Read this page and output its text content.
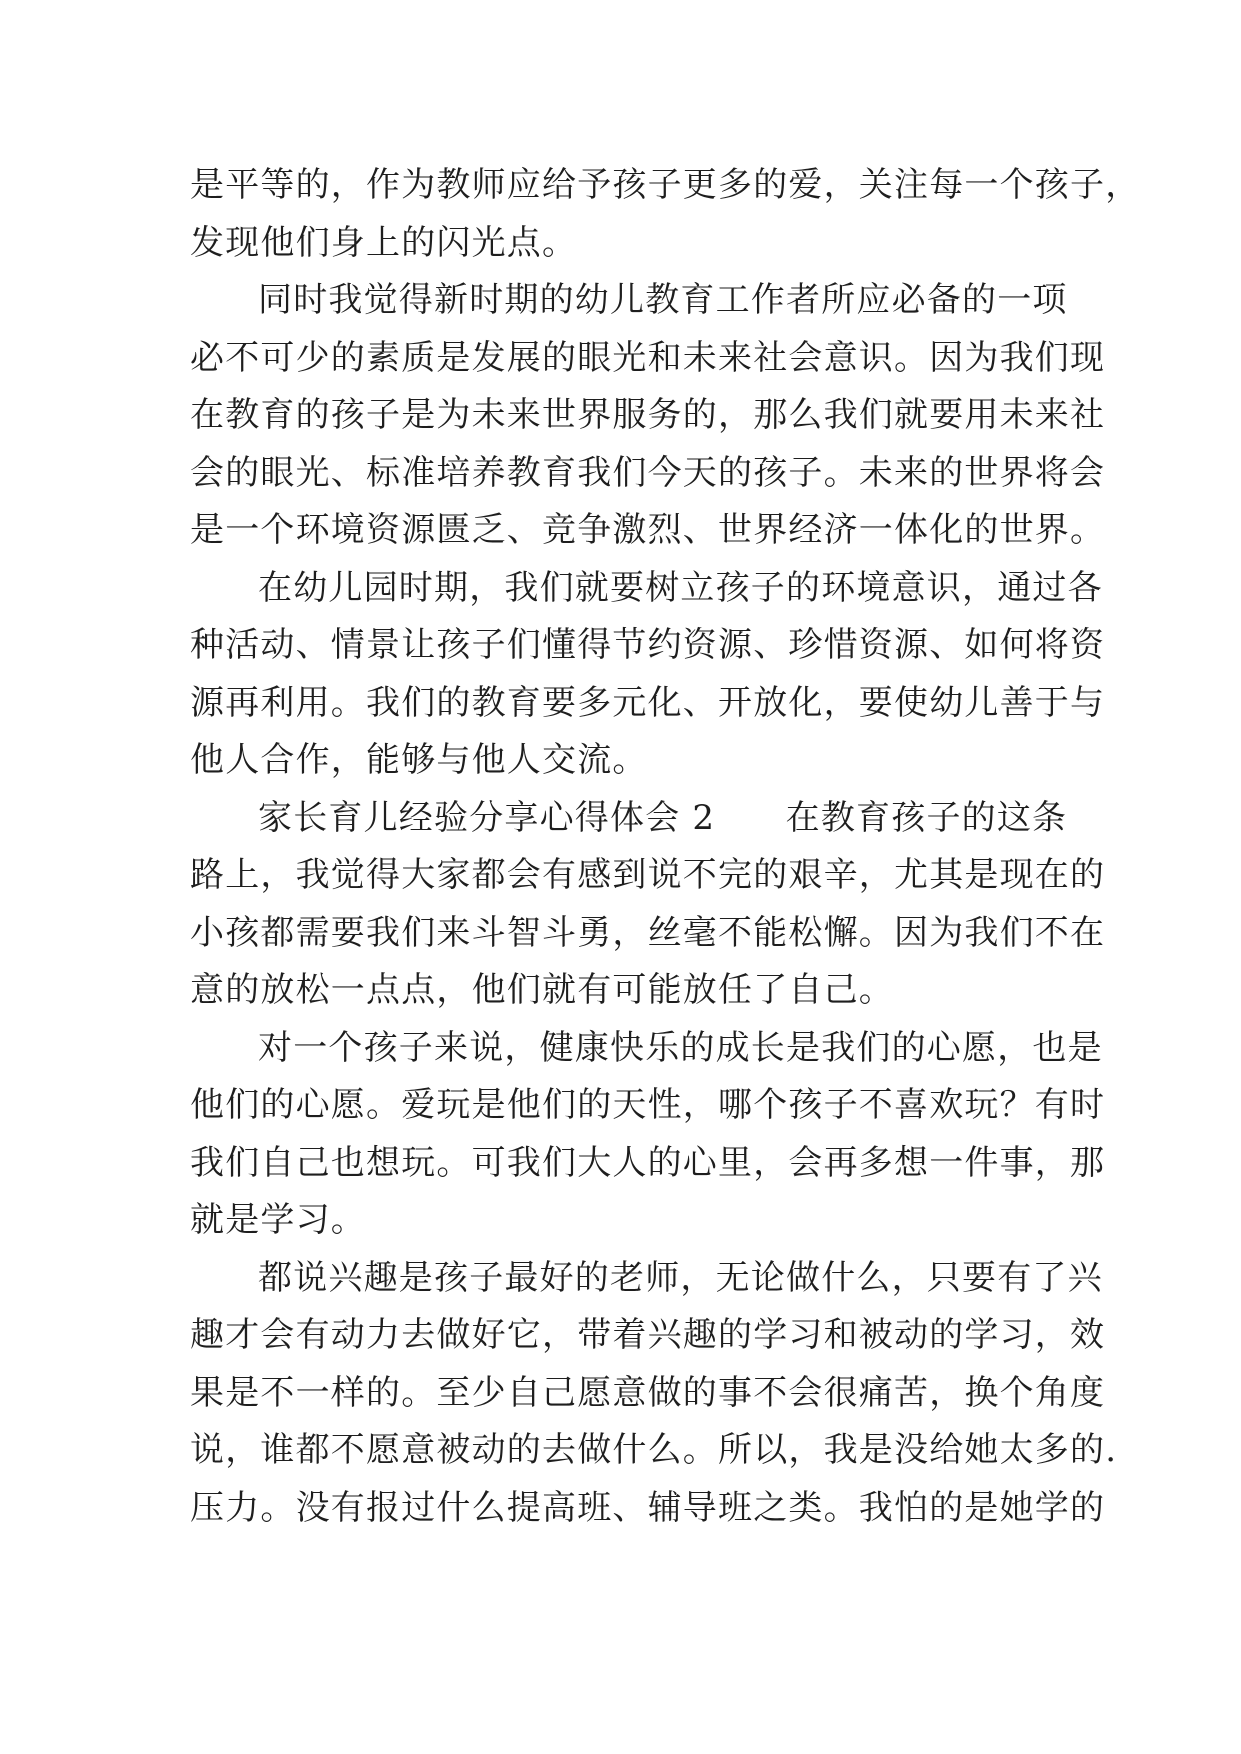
是平等的，作为教师应给予孩子更多的爱，关注每一个孩子，
发现他们身上的闪光点。
同时我觉得新时期的幼儿教育工作者所应必备的一项
必不可少的素质是发展的眼光和未来社会意识。因为我们现
在教育的孩子是为未来世界服务的，那么我们就要用未来社
会的眼光、标准培养教育我们今天的孩子。未来的世界将会
是一个环境资源匮乏、竞争激烈、世界经济一体化的世界。
在幼儿园时期，我们就要树立孩子的环境意识，通过各
种活动、情景让孩子们懂得节约资源、珍惜资源、如何将资
源再利用。我们的教育要多元化、开放化，要使幼儿善于与
他人合作，能够与他人交流。
家长育儿经验分享心得体会 2　　在教育孩子的这条
路上，我觉得大家都会有感到说不完的艰辛，尤其是现在的
小孩都需要我们来斗智斗勇，丝毫不能松懈。因为我们不在
意的放松一点点，他们就有可能放任了自己。
对一个孩子来说，健康快乐的成长是我们的心愿，也是
他们的心愿。爱玩是他们的天性，哪个孩子不喜欢玩？有时
我们自己也想玩。可我们大人的心里，会再多想一件事，那
就是学习。
都说兴趣是孩子最好的老师，无论做什么，只要有了兴
趣才会有动力去做好它，带着兴趣的学习和被动的学习，效
果是不一样的。至少自己愿意做的事不会很痛苦，换个角度
说，谁都不愿意被动的去做什么。所以，我是没给她太多的.
压力。没有报过什么提高班、辅导班之类。我怕的是她学的
